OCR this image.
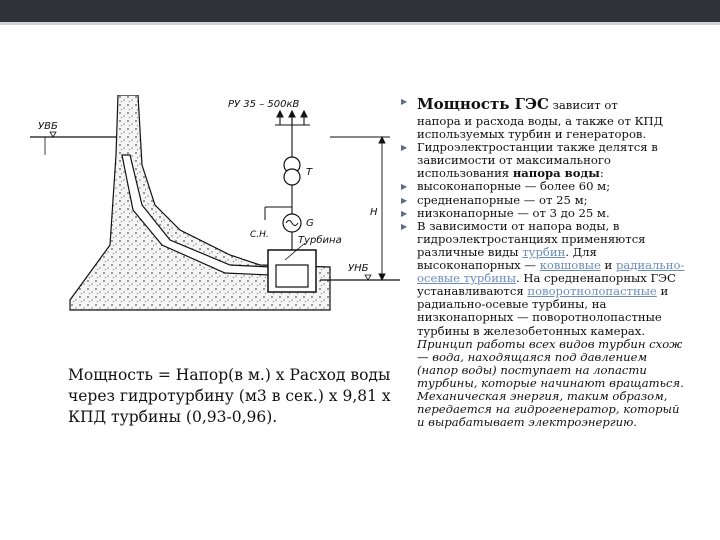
УВБ
УНБ
G
С.Н.
Т
РУ 35 – 500кВ
Н
Турбина
Мощность = Напор(в м.) х Расход воды через гидротурбину (м3 в сек.) х 9,81 х КПД турбины (0,93-0,96).
▶ Мощность ГЭС зависит от
напора и расхода воды, а также от КПД используемых турбин и генераторов.
▶ Гидроэлектростанции также делятся в зависимости от максимального использования напора воды:
▶ высоконапорные — более 60 м;
▶ средненапорные — от 25 м;
▶ низконапорные — от 3 до 25 м.
▶ В зависимости от напора воды, в гидроэлектростанциях применяются различные виды турбин. Для высоконапорных — ковшовые и радиально-осевые турбины. На средненапорных ГЭС устанавливаются поворотнолопастные и радиально-осевые турбины, на низконапорных — поворотнолопастные турбины в железобетонных камерах. Принцип работы всех видов турбин схож — вода, находящаяся под давлением (напор воды) поступает на лопасти турбины, которые начинают вращаться. Механическая энергия, таким образом, передается на гидрогенератор, который и вырабатывает электроэнергию.
